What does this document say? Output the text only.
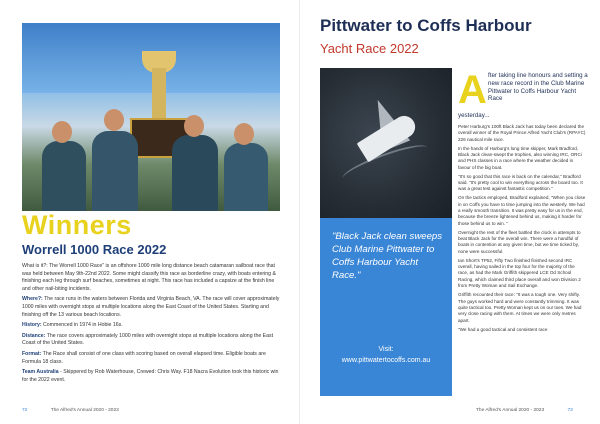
Winners
Worrell 1000 Race 2022

What is it?: The Worrell 1000 Race" is an offshore 1000 mile long distance beach catamaran sailboat race that was held between May 9th-22nd 2022. Some might classify this race as borderline crazy, with boats entering & finishing each leg through surf beaches, sometimes at night. This race has included a capsize at the finish line and other nail-biting incidents.

Where?: The race runs in the waters between Florida and Virginia Beach, VA. The race will cover approximately 1000 miles with overnight stops at multiple locations along the East Coast of the United States. Starting and finishing off the 13 various beach locations.

History: Commenced in 1974 in Hobie 16s.

Distance: The race covers approximately 1000 miles with overnight stops at multiple locations along the East Coast of the United States.

Format: The Race shall consist of one class with scoring based on overall elapsed time. Eligible boats are Formula 18 class.

Team Australia - Skippered by Rob Waterhouse, Crewed: Chris Way. F18 Nacra Evolution took this historic win for the 2022 event.

72	The Alfred's Annual 2020 - 2023
Pittwater to Coffs Harbour
Yacht Race 2022
"Black Jack clean sweeps Club Marine Pittwater to Coffs Harbour Yacht Race."
Visit:
www.pittwatertocoffs.com.au
A fter taking line honours and setting a new race record in the Club Marine Pittwater to Coffs Harbour Yacht Race
yesterday...

Peter Harburg's 100ft Black Jack has today been declared the overall winner of the Royal Prince Alfred Yacht Club's (RPAYC) 226 nautical mile race.

In the hands of Harburg's long time skipper, Mark Bradford, Black Jack clean-swept the trophies, also winning IRC, ORCi and PHS classes in a race where the weather decided in favour of the big boat.

"It's so good that this race is back on the calendar," Bradford said. "It's pretty cool to win everything across the board too. It was a great test against fantastic competition."

On the tactics employed, Bradford explained, "When you close in on Coffs you have to time jumping into the westerly. We had a really smooth transition. It was pretty easy for us in the end, because the breeze lightened behind us, making it harder for those behind us to win. "

Overnight the rest of the fleet battled the clock in attempts to beat Black Jack for the overall win. There were a handful of boats in contention at any given time, but we time ticked by, none were successful.

Ian Short's TP52, Fifty Two finished finished second IRC overall, having sailed in the top four for the majority of the race, as had the Mark Griffith skippered LCE Od School Racing, which claimed third place overall and won Division 2 from Pretty Woman and Sail Exchange.

Griffith recounted their race: "It was a tough one. Very shifty. The guys worked hard and were constantly trimming. It was quite tactical too. Pretty Woman kept us on our toes. We had very close racing with them. At times we were only metres apart.

"We had a good tactical and consistent race

The Alfred's Annual 2020 - 2023	73
